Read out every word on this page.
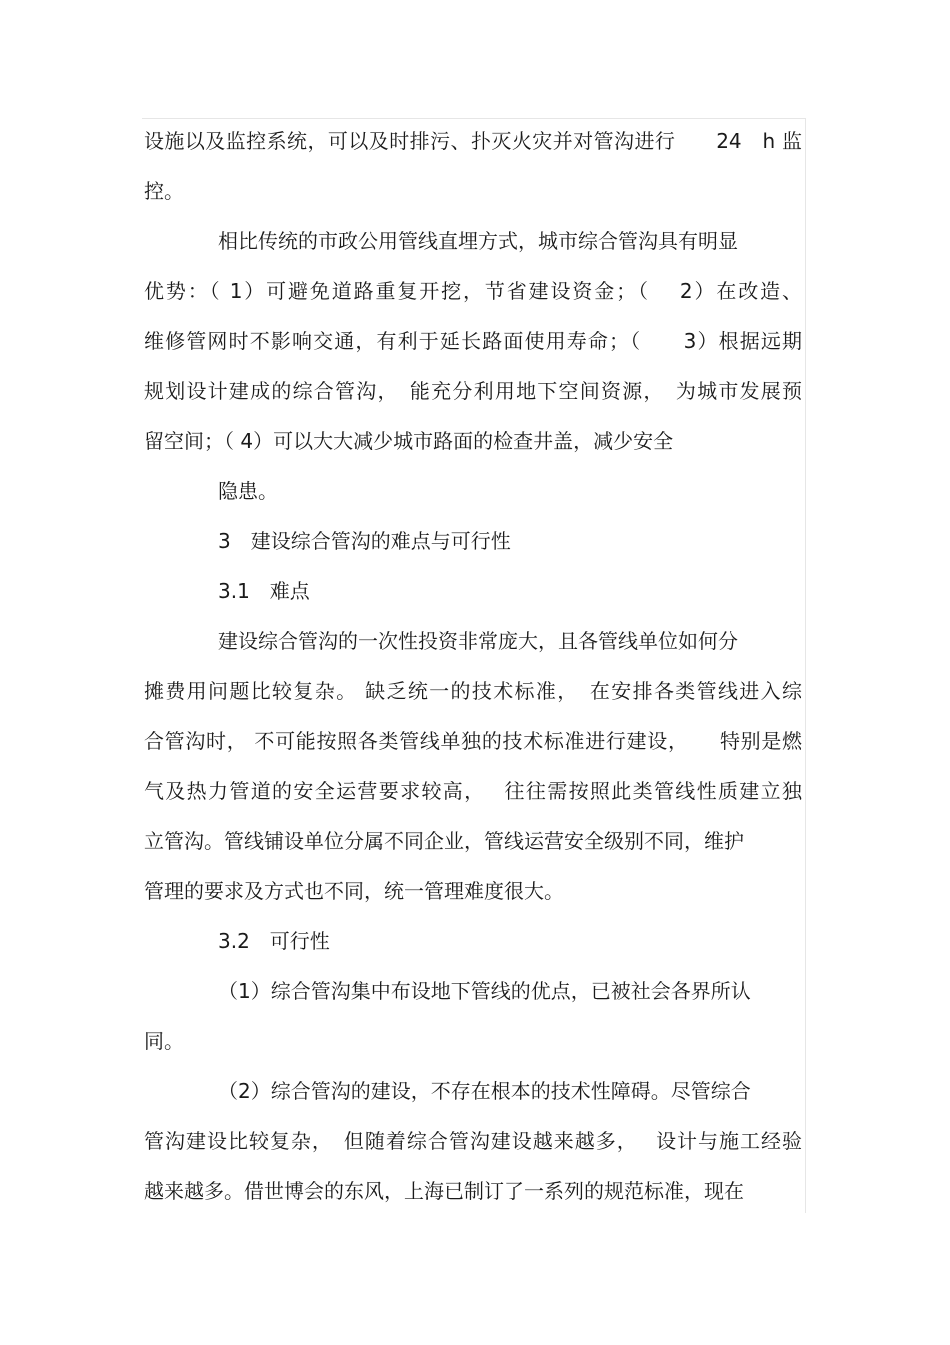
设施以及监控系统，可以及时排污、扑灭火灾并对管沟进行　　24　h 监
控。
相比传统的市政公用管线直埋方式，城市综合管沟具有明显
优势：（ 1）可避免道路重复开挖，节省建设资金；（　 2）在改造、
维修管网时不影响交通，有利于延长路面使用寿命；（　　3）根据远期
规划设计建成的综合管沟，　能充分利用地下空间资源，　为城市发展预
留空间；（ 4）可以大大减少城市路面的检查井盖，减少安全
隐患。
3　建设综合管沟的难点与可行性
3.1　难点
建设综合管沟的一次性投资非常庞大，且各管线单位如何分
摊费用问题比较复杂。 缺乏统一的技术标准，　在安排各类管线进入综
合管沟时， 不可能按照各类管线单独的技术标准进行建设，　　特别是燃
气及热力管道的安全运营要求较高，　 往往需按照此类管线性质建立独
立管沟。管线铺设单位分属不同企业，管线运营安全级别不同，维护
管理的要求及方式也不同，统一管理难度很大。
3.2　可行性
（1）综合管沟集中布设地下管线的优点，已被社会各界所认
同。
（2）综合管沟的建设，不存在根本的技术性障碍。尽管综合
管沟建设比较复杂，　但随着综合管沟建设越来越多，　 设计与施工经验
越来越多。借世博会的东风，上海已制订了一系列的规范标准，现在
